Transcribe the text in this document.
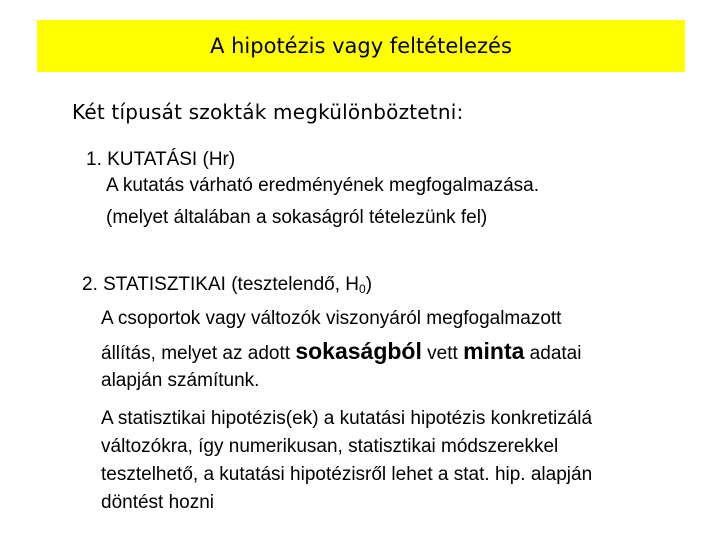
A hipotézis vagy feltételezés
Két típusát szokták megkülönböztetni:
1. KUTATÁSI (Hr)
A kutatás várható eredményének megfogalmazása.
(melyet általában a sokaságról tételezünk fel)
2. STATISZTIKAI (tesztelendő, $H_0$)
A csoportok vagy változók viszonyáról megfogalmazott
állítás, melyet az adott sokaságból vett minta adatai
alapján számítunk.
A statisztikai hipotézis(ek) a kutatási hipotézis konkretizálá
változókra, így numerikusan, statisztikai módszerekkel
tesztelhető, a kutatási hipotézisről lehet a stat. hip. alapján
döntést hozni
